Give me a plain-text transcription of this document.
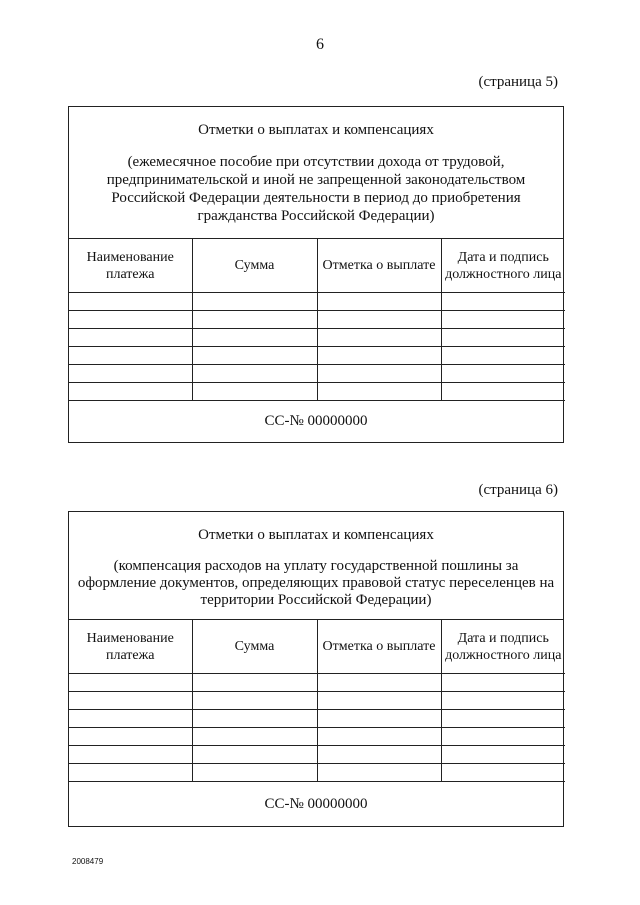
6
(страница 5)
Отметки о выплатах и компенсациях
(ежемесячное пособие при отсутствии дохода от трудовой, предпринимательской и иной не запрещенной законодательством Российской Федерации деятельности в период до приобретения гражданства Российской Федерации)
Наименование платежа	Сумма	Отметка о выплате	Дата и подпись должностного лица

СС-№ 00000000
(страница 6)
Отметки о выплатах и компенсациях
(компенсация расходов на уплату государственной пошлины за оформление документов, определяющих правовой статус переселенцев на территории Российской Федерации)
Наименование платежа	Сумма	Отметка о выплате	Дата и подпись должностного лица

СС-№ 00000000
2008479
